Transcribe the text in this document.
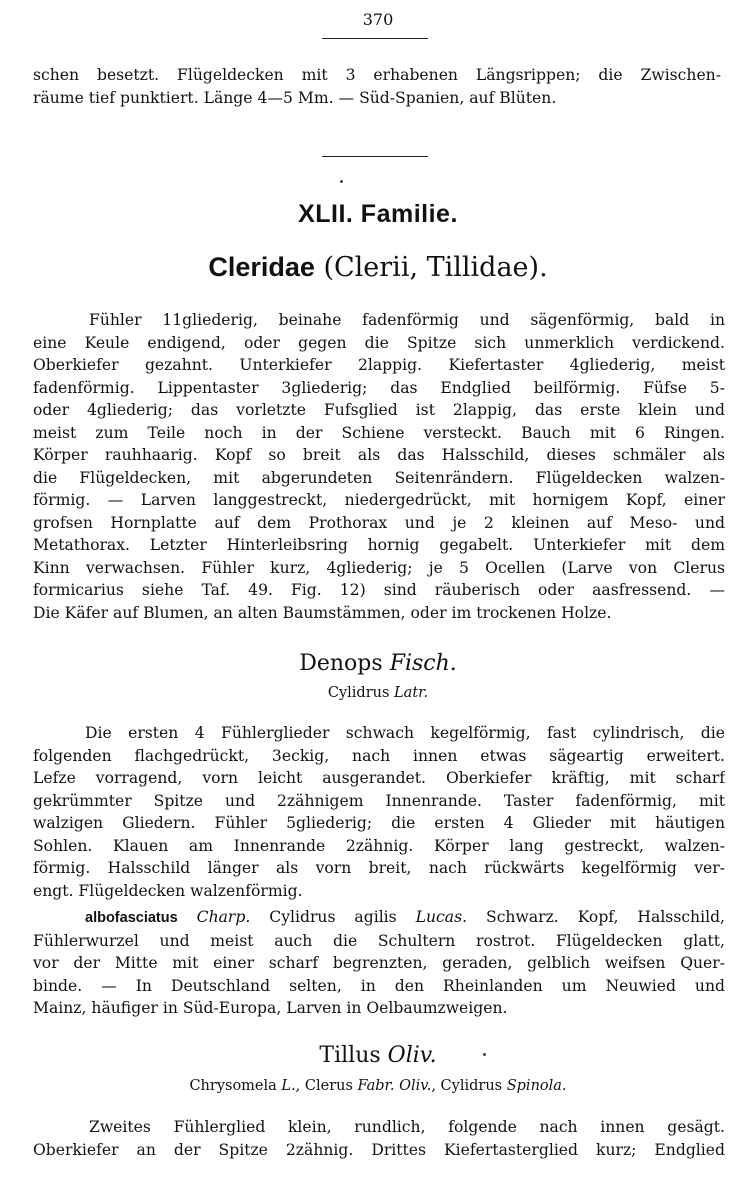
370
schen besetzt. Flügeldecken mit 3 erhabenen Längsrippen; die Zwischen-
räume tief punktiert. Länge 4—5 Mm. — Süd-Spanien, auf Blüten.
XLII. Familie.
Cleridae (Clerii, Tillidae).
Fühler 11gliederig, beinahe fadenförmig und sägenförmig, bald in
eine Keule endigend, oder gegen die Spitze sich unmerklich verdickend.
Oberkiefer gezahnt. Unterkiefer 2lappig. Kiefertaster 4gliederig, meist
fadenförmig. Lippentaster 3gliederig; das Endglied beilförmig. Füfse 5-
oder 4gliederig; das vorletzte Fufsglied ist 2lappig, das erste klein und
meist zum Teile noch in der Schiene versteckt. Bauch mit 6 Ringen.
Körper rauhhaarig. Kopf so breit als das Halsschild, dieses schmäler als
die Flügeldecken, mit abgerundeten Seitenrändern. Flügeldecken walzen-
förmig. — Larven langgestreckt, niedergedrückt, mit hornigem Kopf, einer
grofsen Hornplatte auf dem Prothorax und je 2 kleinen auf Meso- und
Metathorax. Letzter Hinterleibsring hornig gegabelt. Unterkiefer mit dem
Kinn verwachsen. Fühler kurz, 4gliederig; je 5 Ocellen (Larve von Clerus
formicarius siehe Taf. 49. Fig. 12) sind räuberisch oder aasfressend. —
Die Käfer auf Blumen, an alten Baumstämmen, oder im trockenen Holze.
Denops Fisch.
Cylidrus Latr.
Die ersten 4 Fühlerglieder schwach kegelförmig, fast cylindrisch, die
folgenden flachgedrückt, 3eckig, nach innen etwas sägeartig erweitert.
Lefze vorragend, vorn leicht ausgerandet. Oberkiefer kräftig, mit scharf
gekrümmter Spitze und 2zähnigem Innenrande. Taster fadenförmig, mit
walzigen Gliedern. Fühler 5gliederig; die ersten 4 Glieder mit häutigen
Sohlen. Klauen am Innenrande 2zähnig. Körper lang gestreckt, walzen-
förmig. Halsschild länger als vorn breit, nach rückwärts kegelförmig ver-
engt. Flügeldecken walzenförmig.
albofasciatus Charp. Cylidrus agilis Lucas. Schwarz. Kopf, Halsschild,
Fühlerwurzel und meist auch die Schultern rostrot. Flügeldecken glatt,
vor der Mitte mit einer scharf begrenzten, geraden, gelblich weifsen Quer-
binde. — In Deutschland selten, in den Rheinlanden um Neuwied und
Mainz, häufiger in Süd-Europa, Larven in Oelbaumzweigen.
Tillus Oliv.
Chrysomela L., Clerus Fabr. Oliv., Cylidrus Spinola.
Zweites Fühlerglied klein, rundlich, folgende nach innen gesägt.
Oberkiefer an der Spitze 2zähnig. Drittes Kiefertasterglied kurz; Endglied
